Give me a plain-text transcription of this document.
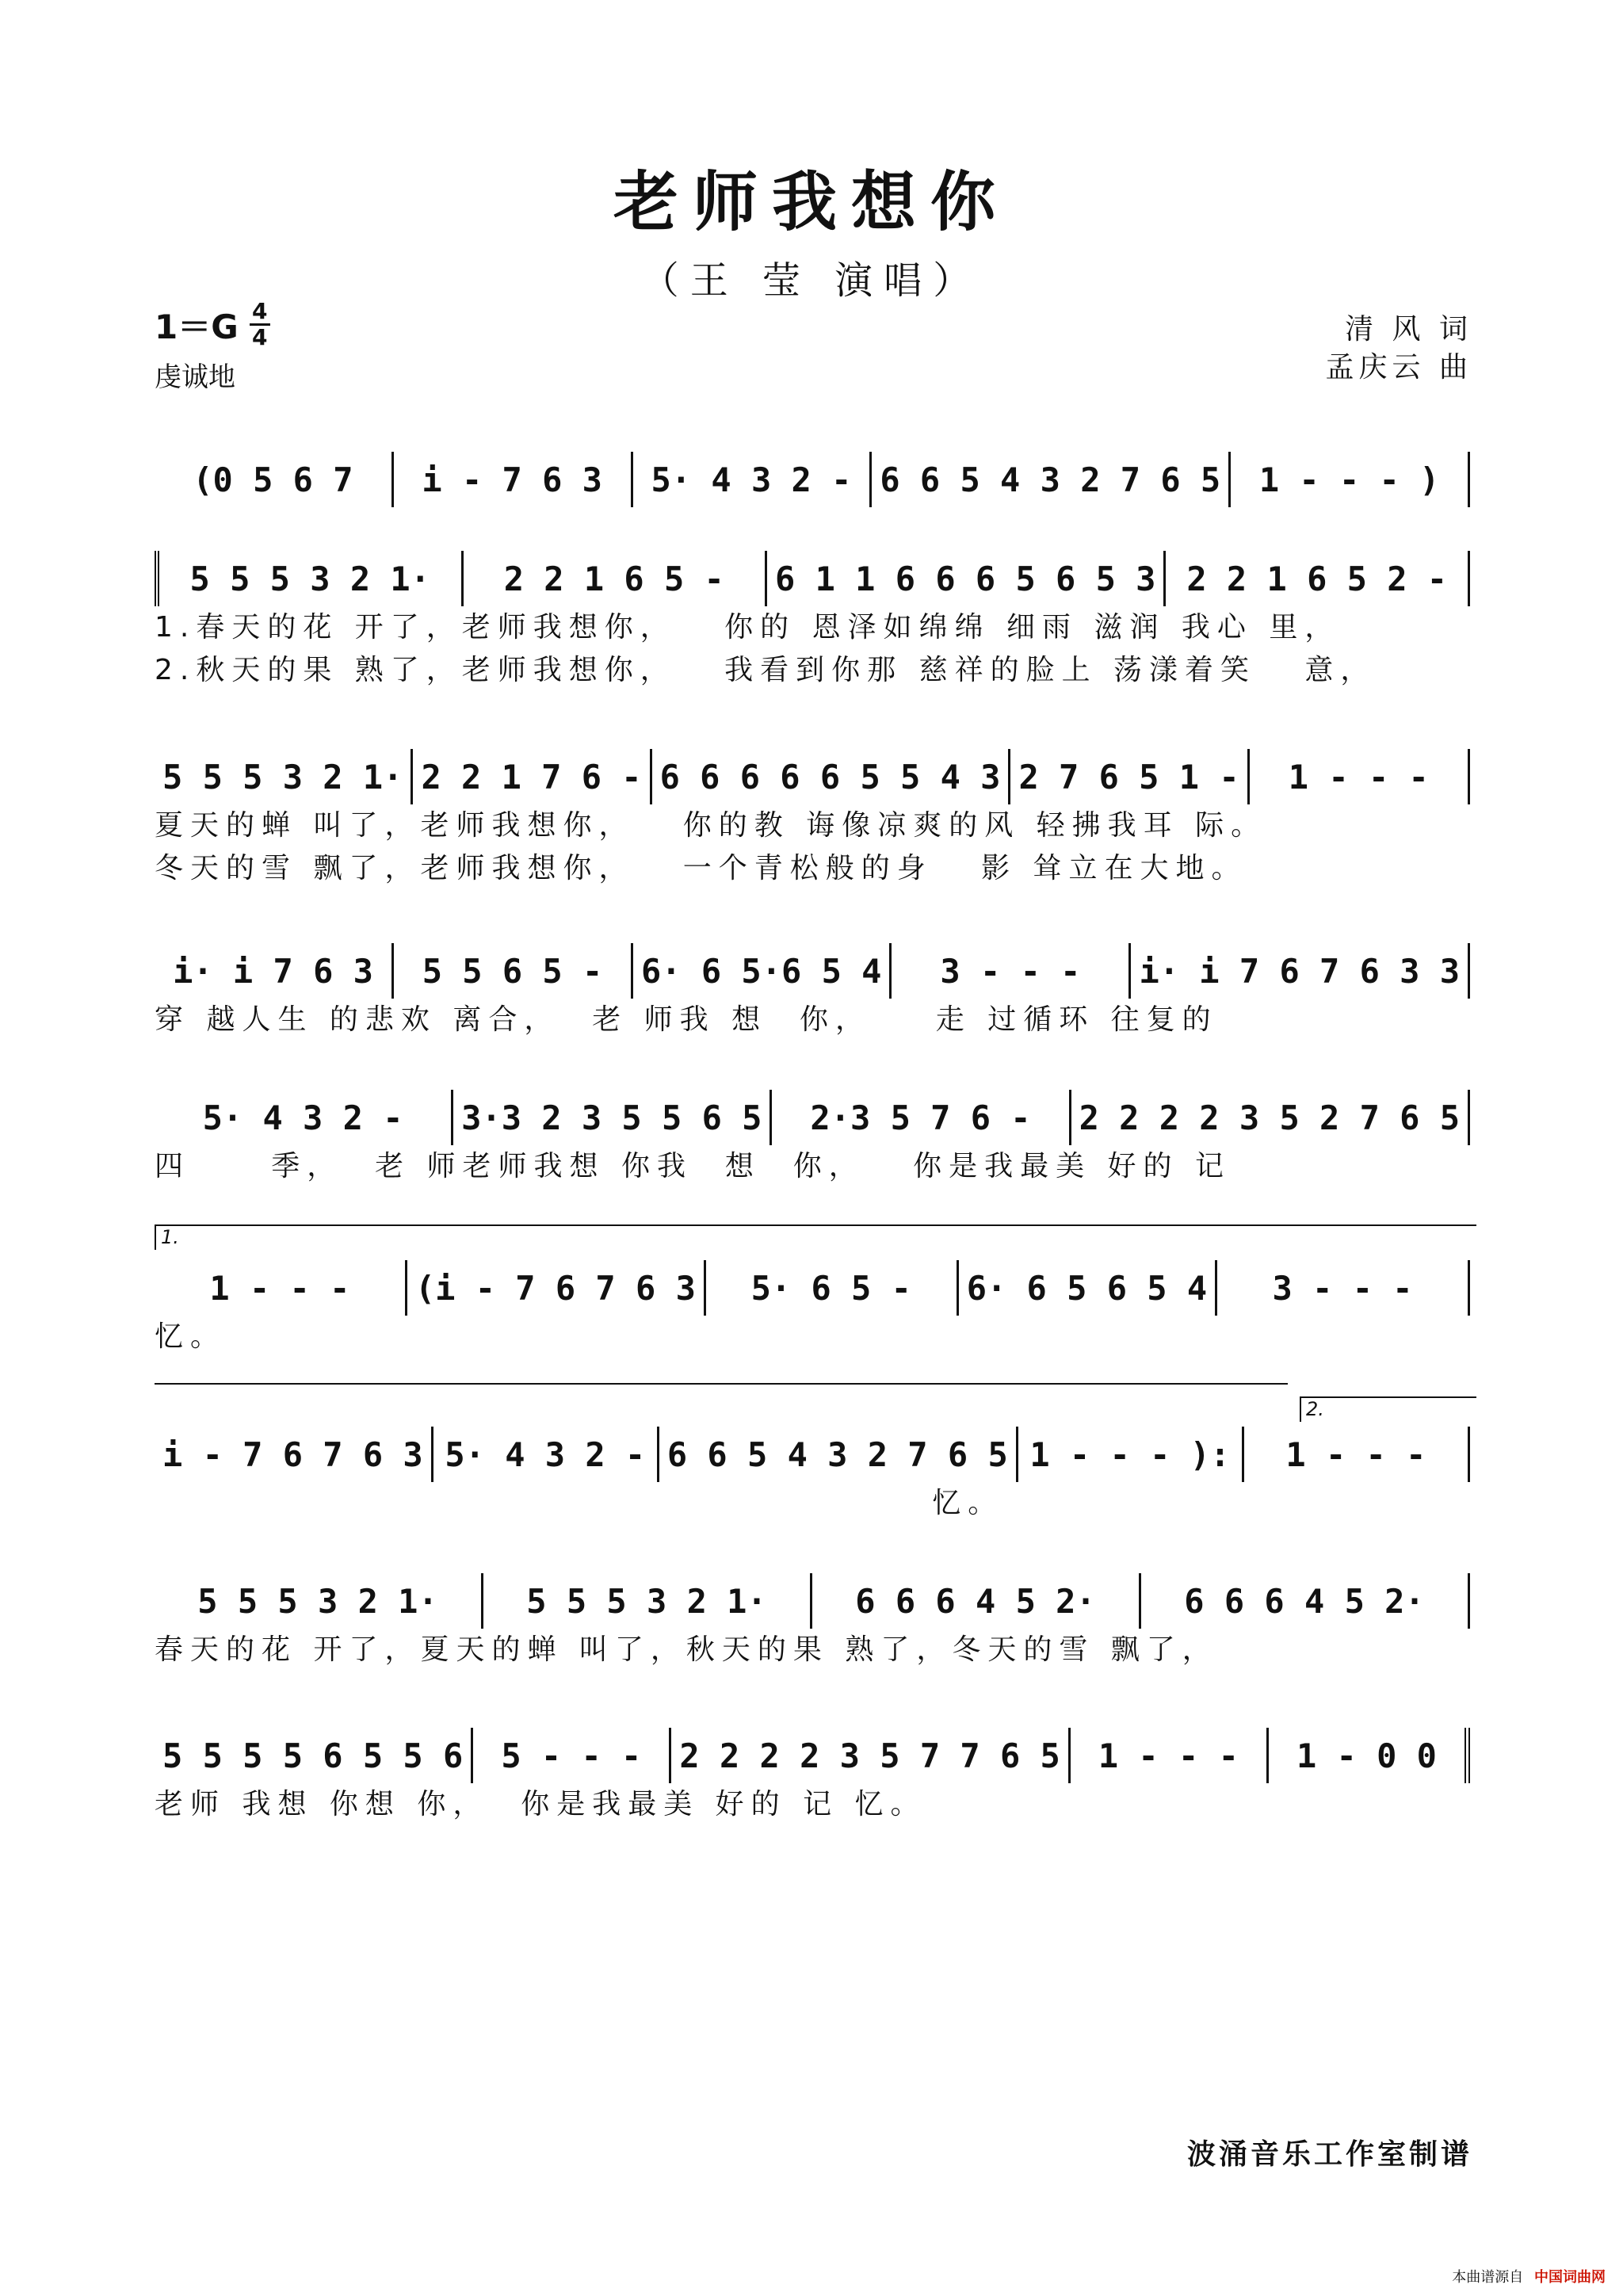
老师我想你
（王 莹 演唱）
1＝G 4
4
虔诚地
清 风 词
孟庆云 曲
(0 5 6 7	i - 7 6 3	5· 4 3 2 - 6 6 5 4 3 2 7 6 5	1 - - - )
5 5 5 3 2 1·	2 2 1 6 5 -	6 1 1 6 6 6 5 6 5 3 2 2 1 6 5 2 -
1.春天的花 开了，老师我想你，   你的 恩泽如绵绵 细雨 滋润 我心 里，
2.秋天的果 熟了，老师我想你，   我看到你那 慈祥的脸上 荡漾着笑   意，
5 5 5 3 2 1· 2 2 1 7 6 - 6 6 6 6 6 5 5 4 3 2 7 6 5 1 -	1 - - -
夏天的蝉 叫了，老师我想你，   你的教 诲像凉爽的风 轻拂我耳 际。
冬天的雪 飘了，老师我想你，   一个青松般的身   影 耸立在大地。
i· i 7 6 3	5 5 6 5 -	6· 6 5·6 5 4	3 - - -	i· i 7 6 7 6 3 3
穿 越人生 的悲欢 离合，  老 师我 想  你，    走 过循环 往复的
5· 4 3 2 -	3·3 2 3 5 5 6 5	2·3 5 7 6 -	2 2 2 2 3 5 2 7 6 5
四     季，  老 师老师我想 你我  想  你，   你是我最美 好的 记
1.
1 - - -	(i - 7 6 7 6 3	5· 6 5 -	6· 6 5 6 5 4	3 - - -
忆。
2.
i - 7 6 7 6 3 5· 4 3 2 - 6 6 5 4 3 2 7 6 5 1 - - - ):	1 - - -
忆。
5 5 5 3 2 1·	5 5 5 3 2 1·	6 6 6 4 5 2·	6 6 6 4 5 2·
春天的花 开了，夏天的蝉 叫了，秋天的果 熟了，冬天的雪 飘了，
5 5 5 5 6 5 5 6	5 - - -	2 2 2 2 3 5 7 7 6 5	1 - - -	1 - 0 0
老师 我想 你想 你，  你是我最美 好的 记 忆。
波涌音乐工作室制谱
本曲谱源自 中国词曲网
